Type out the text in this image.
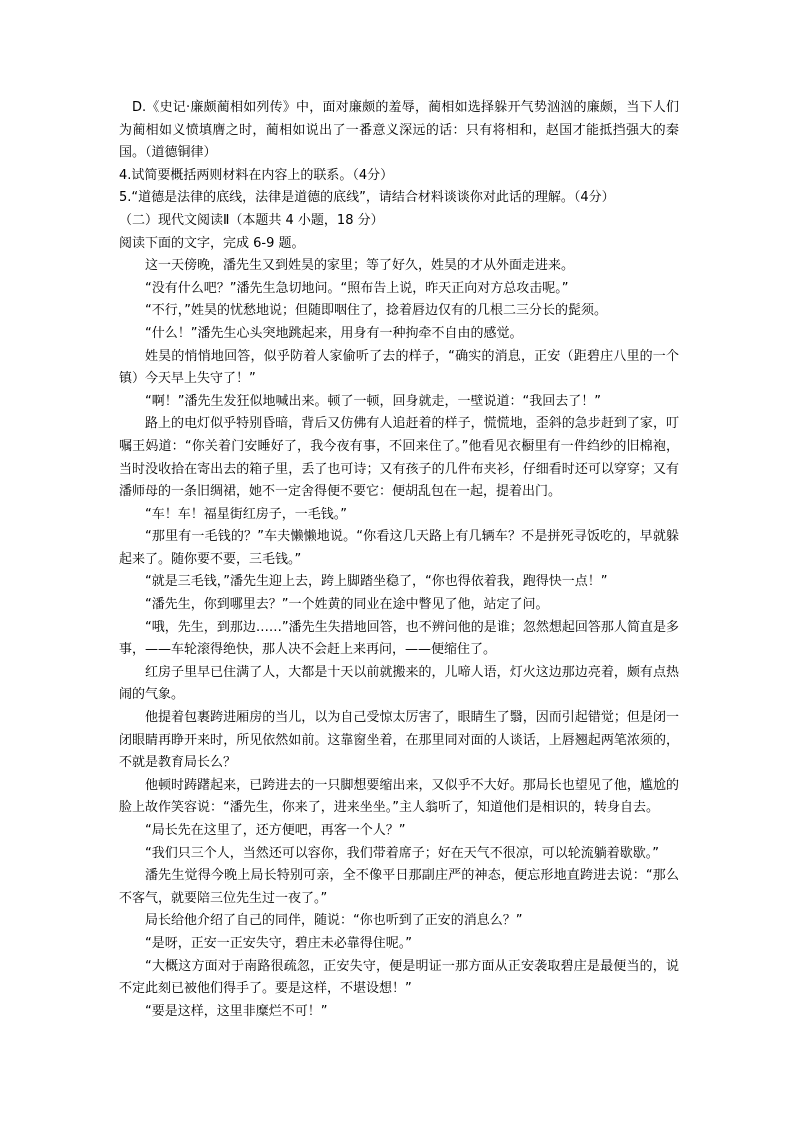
D.《史记·廉颇蔺相如列传》中，面对廉颇的羞辱，蔺相如选择躲开气势汹汹的廉颇，当下人们为蔺相如义愤填膺之时，蔺相如说出了一番意义深远的话：只有将相和，赵国才能抵挡强大的秦国。（道德铜律）

4.试简要概括两则材料在内容上的联系。（4分）

5.“道德是法律的底线，法律是道德的底线”，请结合材料谈谈你对此话的理解。（4分）

（二）现代文阅读Ⅱ（本题共 4 小题，18 分）

阅读下面的文字，完成 6-9 题。

这一天傍晚，潘先生又到姓昊的家里；等了好久，姓昊的才从外面走进来。

“没有什么吧？”潘先生急切地问。“照布告上说，昨天正向对方总攻击呢。”

“不行，”姓昊的忧愁地说；但随即咽住了，捻着唇边仅有的几根二三分长的髭须。

“什么！”潘先生心头突地跳起来，用身有一种拘牵不自由的感觉。

姓昊的悄悄地回答，似乎防着人家偷听了去的样子，“确实的消息，正安（距碧庄八里的一个镇）今天早上失守了！”

“啊！”潘先生发狂似地喊出来。顿了一顿，回身就走，一壁说道：“我回去了！”

路上的电灯似乎特别昏暗，背后又仿佛有人追赶着的样子，慌慌地，歪斜的急步赶到了家，叮嘱王妈道：“你关着门安睡好了，我今夜有事，不回来住了。”他看见衣橱里有一件绉纱的旧棉袍，当时没收拾在寄出去的箱子里，丢了也可诗；又有孩子的几件布夹衫，仔细看时还可以穿穿；又有潘师母的一条旧绸裙，她不一定舍得便不要它：便胡乱包在一起，提着出门。

“车！车！福星街红房子，一毛钱。”

“那里有一毛钱的？”车夫懒懒地说。“你看这几天路上有几辆车？不是拼死寻饭吃的，早就躲起来了。随你要不要，三毛钱。”

“就是三毛钱，”潘先生迎上去，跨上脚踏坐稳了，“你也得依着我，跑得快一点！”

“潘先生，你到哪里去？”一个姓黄的同业在途中瞥见了他，站定了问。

“哦，先生，到那边……”潘先生失措地回答，也不辨问他的是谁；忽然想起回答那人简直是多事，——车轮滚得绝快，那人决不会赶上来再问，——便缩住了。

红房子里早已住满了人，大都是十天以前就搬来的，儿啼人语，灯火这边那边亮着，颇有点热闹的气象。

他提着包裹跨进厢房的当儿，以为自己受惊太厉害了，眼睛生了翳，因而引起错觉；但是闭一闭眼睛再睁开来时，所见依然如前。这靠窗坐着，在那里同对面的人谈话，上唇翘起两笔浓须的，不就是教育局长么？

他顿时踌躇起来，已跨进去的一只脚想要缩出来，又似乎不大好。那局长也望见了他，尴尬的脸上故作笑容说：“潘先生，你来了，进来坐坐。”主人翁听了，知道他们是相识的，转身自去。

“局长先在这里了，还方便吧，再客一个人？”

“我们只三个人，当然还可以容你，我们带着席子；好在天气不很凉，可以轮流躺着歇歇。”

潘先生觉得今晚上局长特别可亲，全不像平日那副庄严的神态，便忘形地直跨进去说：“那么不客气，就要陪三位先生过一夜了。”

局长给他介绍了自己的同伴，随说：“你也听到了正安的消息么？”

“是呀，正安一正安失守，碧庄未必靠得住呢。”

“大概这方面对于南路很疏忽，正安失守，便是明证一那方面从正安袭取碧庄是最便当的，说不定此刻已被他们得手了。要是这样，不堪设想！”

“要是这样，这里非糜烂不可！”
